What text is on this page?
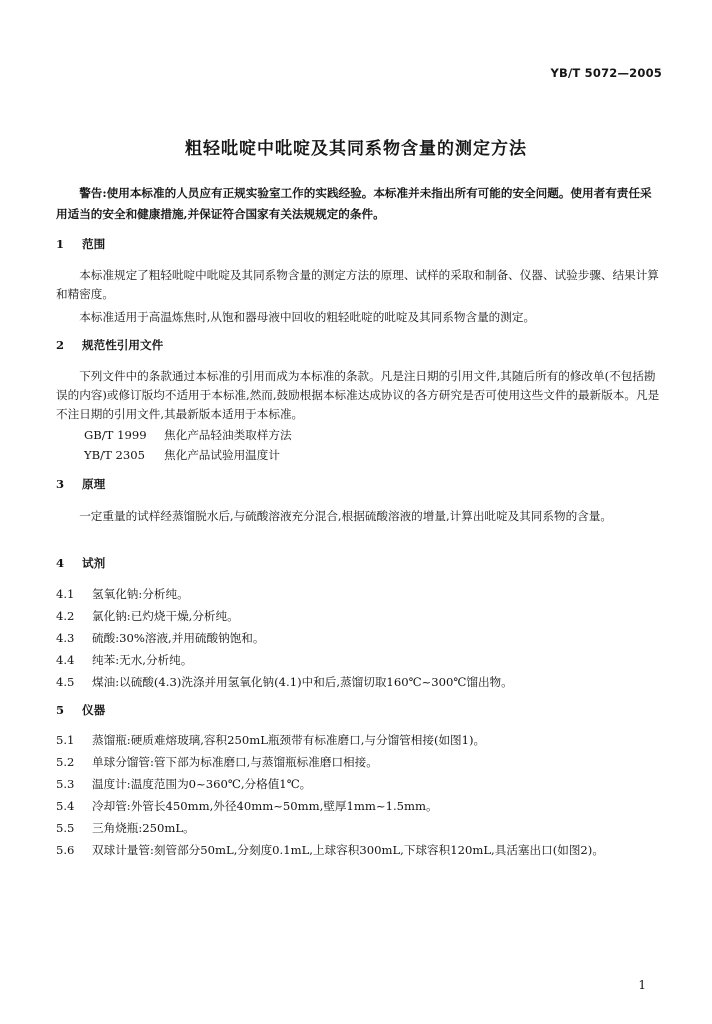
YB/T 5072—2005
粗轻吡啶中吡啶及其同系物含量的测定方法
警告:使用本标准的人员应有正规实验室工作的实践经验。本标准并未指出所有可能的安全问题。使用者有责任采用适当的安全和健康措施,并保证符合国家有关法规规定的条件。
1 范围
本标准规定了粗轻吡啶中吡啶及其同系物含量的测定方法的原理、试样的采取和制备、仪器、试验步骤、结果计算和精密度。
本标准适用于高温炼焦时,从饱和器母液中回收的粗轻吡啶的吡啶及其同系物含量的测定。
2 规范性引用文件
下列文件中的条款通过本标准的引用而成为本标准的条款。凡是注日期的引用文件,其随后所有的修改单(不包括勘误的内容)或修订版均不适用于本标准,然而,鼓励根据本标准达成协议的各方研究是否可使用这些文件的最新版本。凡是不注日期的引用文件,其最新版本适用于本标准。
GB/T 1999 焦化产品轻油类取样方法
YB/T 2305 焦化产品试验用温度计
3 原理
一定重量的试样经蒸馏脱水后,与硫酸溶液充分混合,根据硫酸溶液的增量,计算出吡啶及其同系物的含量。
4 试剂
4.1 氢氧化钠:分析纯。
4.2 氯化钠:已灼烧干燥,分析纯。
4.3 硫酸:30%溶液,并用硫酸钠饱和。
4.4 纯苯:无水,分析纯。
4.5 煤油:以硫酸(4.3)洗涤并用氢氧化钠(4.1)中和后,蒸馏切取160℃~300℃馏出物。
5 仪器
5.1 蒸馏瓶:硬质难熔玻璃,容积250mL瓶颈带有标准磨口,与分馏管相接(如图1)。
5.2 单球分馏管:管下部为标准磨口,与蒸馏瓶标准磨口相接。
5.3 温度计:温度范围为0~360℃,分格值1℃。
5.4 冷却管:外管长450mm,外径40mm~50mm,壁厚1mm~1.5mm。
5.5 三角烧瓶:250mL。
5.6 双球计量管:刻管部分50mL,分刻度0.1mL,上球容积300mL,下球容积120mL,具活塞出口(如图2)。
1
